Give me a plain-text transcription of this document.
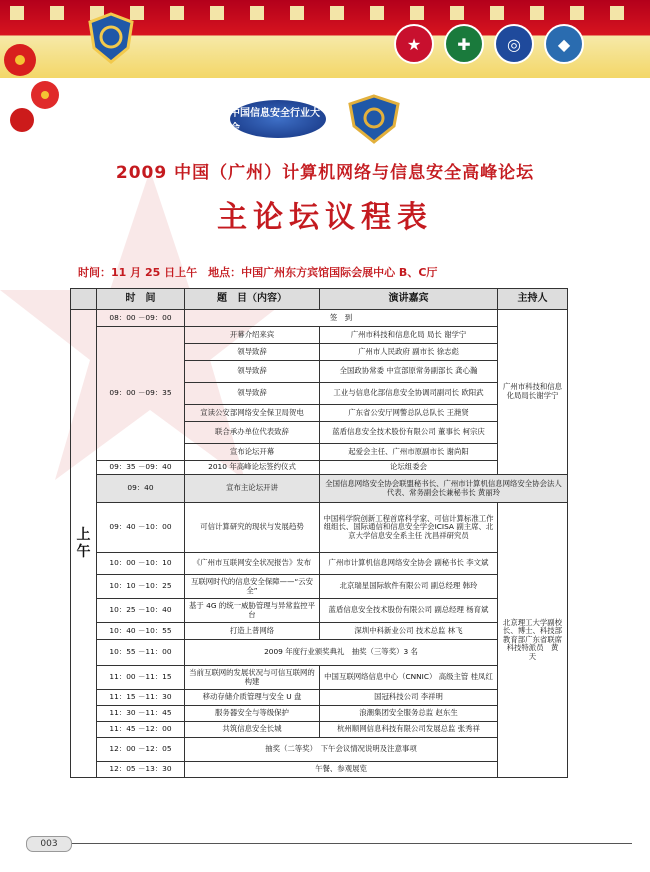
★	✚	◎	◆
中国信息安全行业大会
2009 中国（广州）计算机网络与信息安全高峰论坛
主论坛议程表
时间：11 月 25 日上午　地点：中国广州东方宾馆国际会展中心 B、C厅
	时　间	题　目（内容）	演讲嘉宾	主持人
上　午	08：00 －09：00	签　到		广州市科技和信息化局局长谢学宁
	09：00 －09：35	开幕介绍来宾	广州市科技和信息化局 局长 谢学宁	
		领导致辞	广州市人民政府 副市长 徐志彪	
		领导致辞	全国政协常委 中宣部原常务副部长 龚心瀚	
		领导致辞	工业与信息化部信息安全协调司副司长 欧阳武	
		宣读公安部网络安全保卫局贺电	广东省公安厅网警总队总队长 王滟贤	
		联合承办单位代表致辞	蓝盾信息安全技术股份有限公司 董事长 柯宗庆	
		宣布论坛开幕	起爱会主任、广州市原副市长 谢尚阳	
	09：35 －09：40	2010 年高峰论坛签约仪式	论坛组委会	
	09：40	宣布主论坛开讲	全国信息网络安全协会联盟秘书长、广州市计算机信息网络安全协会法人代表、常务副会长兼秘书长 黄丽玲	
	09：40 －10：00	可信计算研究的现状与发展趋势	中国科学院创新工程首席科学家、可信计算标准工作组组长、国际通信和信息安全学会ICISA 副主席、北京大学信息安全系主任 沈昌祥研究员	北京理工大学副校长、博士、科技部教育部广东省联席科技特派员　黄　天
	10：00 －10：10	《广州市互联网安全状况报告》发布	广州市计算机信息网络安全协会 副秘书长 李文斌	
	10：10 －10：25	互联网时代的信息安全保障——“云安全”	北京瑞星国际软件有限公司 副总经理 韩玲	
	10：25 －10：40	基于 4G 的统一威胁管理与异常监控平台	蓝盾信息安全技术股份有限公司 副总经理 杨育斌	
	10：40 －10：55	打造上普网络	深圳中科新业公司 技术总监 林飞	
	10：55 －11：00	2009 年度行业颁奖典礼　抽奖（三等奖）3 名		
	11：00 －11：15	当前互联网的发展状况与可信互联网的构建	中国互联网络信息中心（CNNIC） 高级主管 桂凤红	
	11：15 －11：30	移动存储介质管理与安全 U 盘	国冠科技公司 李祥明	
	11：30 －11：45	服务器安全与等级保护	浪潮集团安全服务总监 赵东生	
	11：45 －12：00	共筑信息安全长城	杭州顺网信息科技有限公司发展总监 张秀祥	
	12：00 －12：05	抽奖（二等奖）　下午会议情况说明及注意事项		
	12：05 －13：30	午餐、参观展览		
003
